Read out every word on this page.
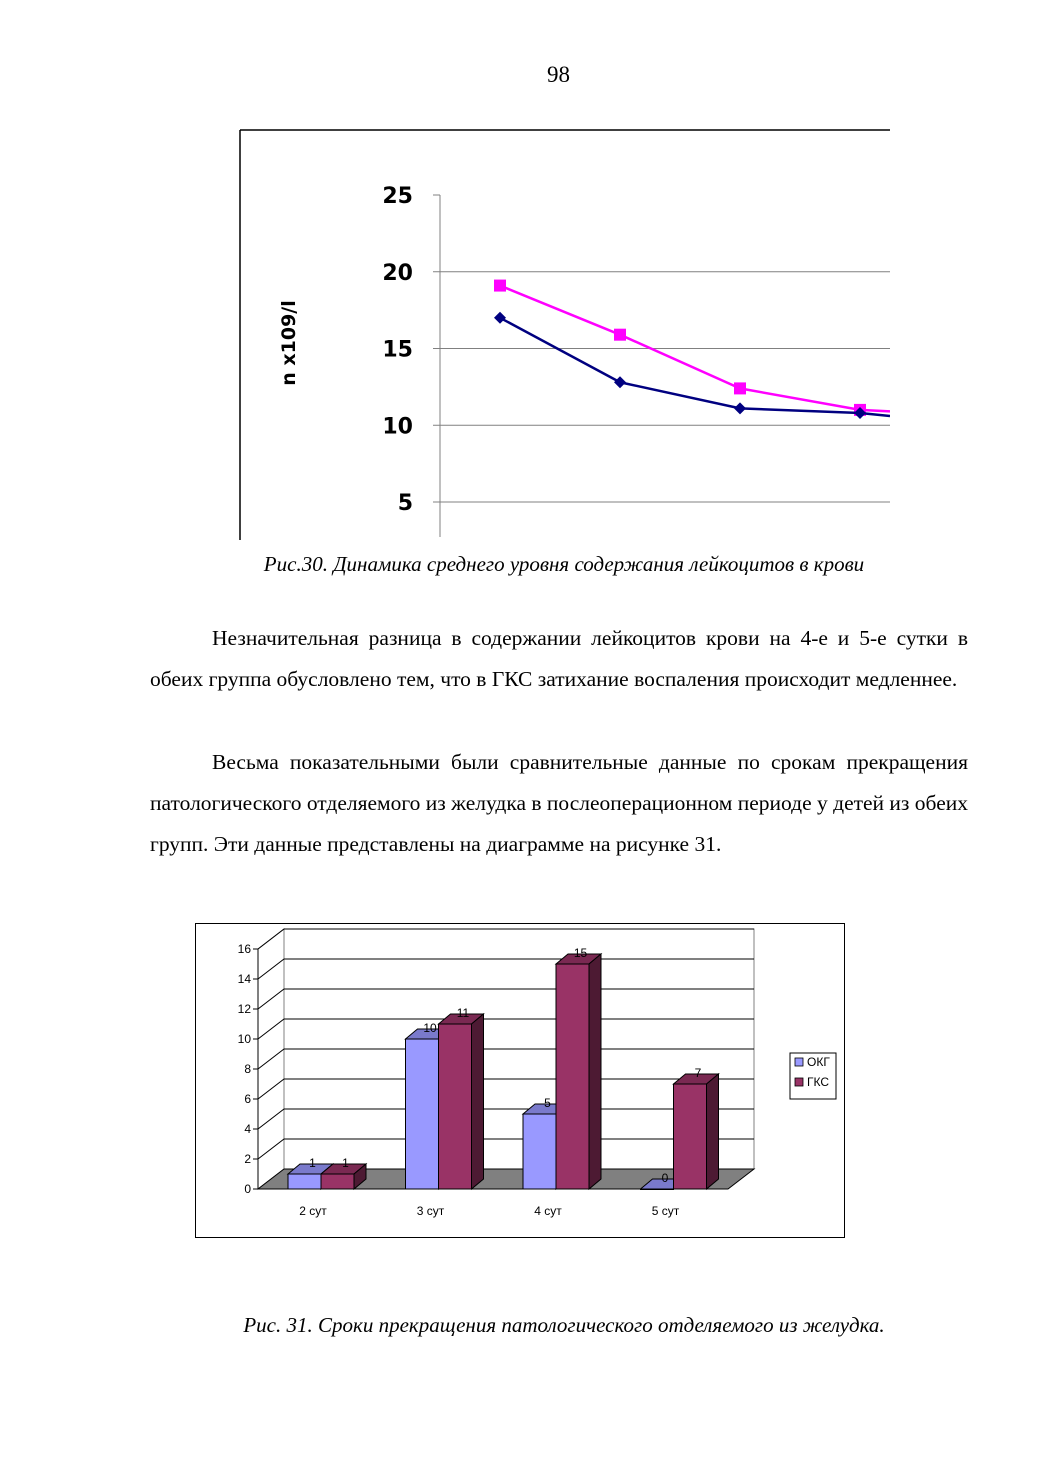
98
25
20
15
10
5
n x109/l
Рис.30. Динамика среднего уровня содержания лейкоцитов в крови

Незначительная разница в содержании лейкоцитов крови на 4-е и 5-е сутки в обеих группа обусловлено тем, что в ГКС затихание воспаления происходит медленнее.

Весьма показательными были сравнительные данные по срокам прекращения патологического отделяемого из желудка в послеоперационном периоде у детей из обеих групп. Эти данные представлены на диаграмме на рисунке 31.

0
2
4
6
8
10
12
14
16
1 1
2 сут
10
11
3 сут
5
15
4 сут
0
7
5 сут
ОКГ
ГКС
Рис. 31. Сроки прекращения патологического отделяемого из желудка.
